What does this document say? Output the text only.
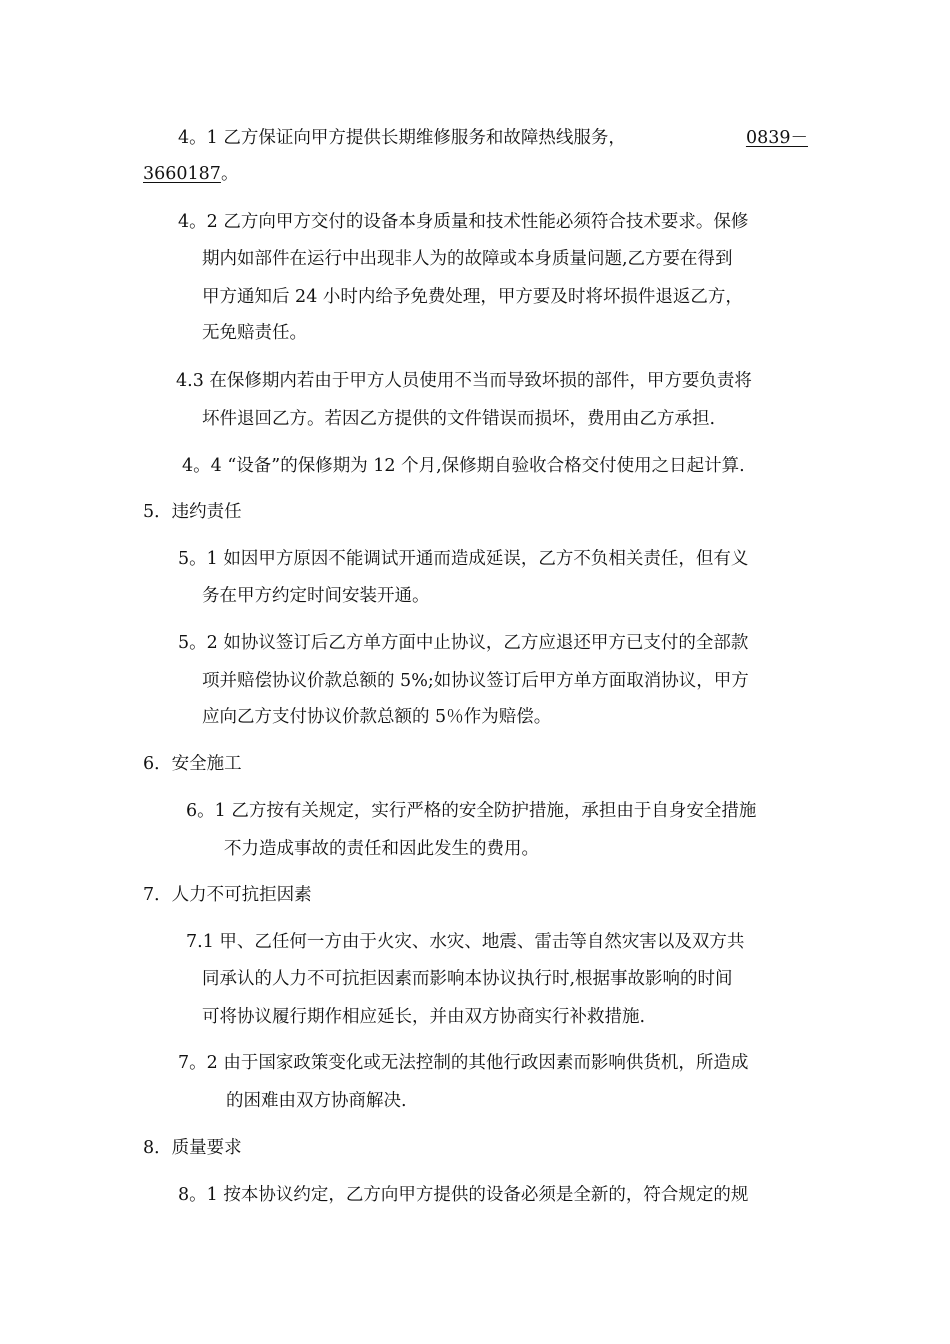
4。1 乙方保证向甲方提供长期维修服务和故障热线服务，	0839－
3660187。
4。2 乙方向甲方交付的设备本身质量和技术性能必须符合技术要求。保修
期内如部件在运行中出现非人为的故障或本身质量问题,乙方要在得到
甲方通知后 24 小时内给予免费处理，甲方要及时将坏损件退返乙方，
无免赔责任。
4.3 在保修期内若由于甲方人员使用不当而导致坏损的部件，甲方要负责将
坏件退回乙方。若因乙方提供的文件错误而损坏，费用由乙方承担.
4。4 “设备”的保修期为 12 个月,保修期自验收合格交付使用之日起计算.
5．违约责任
5。1 如因甲方原因不能调试开通而造成延误，乙方不负相关责任，但有义
务在甲方约定时间安装开通。
5。2 如协议签订后乙方单方面中止协议，乙方应退还甲方已支付的全部款
项并赔偿协议价款总额的 5%;如协议签订后甲方单方面取消协议，甲方
应向乙方支付协议价款总额的 5％作为赔偿。
6．安全施工
6。1 乙方按有关规定，实行严格的安全防护措施，承担由于自身安全措施
不力造成事故的责任和因此发生的费用。
7．人力不可抗拒因素
7.1 甲、乙任何一方由于火灾、水灾、地震、雷击等自然灾害以及双方共
同承认的人力不可抗拒因素而影响本协议执行时,根据事故影响的时间
可将协议履行期作相应延长，并由双方协商实行补救措施.
7。2 由于国家政策变化或无法控制的其他行政因素而影响供货机，所造成
的困难由双方协商解决.
8．质量要求
8。1 按本协议约定，乙方向甲方提供的设备必须是全新的，符合规定的规
